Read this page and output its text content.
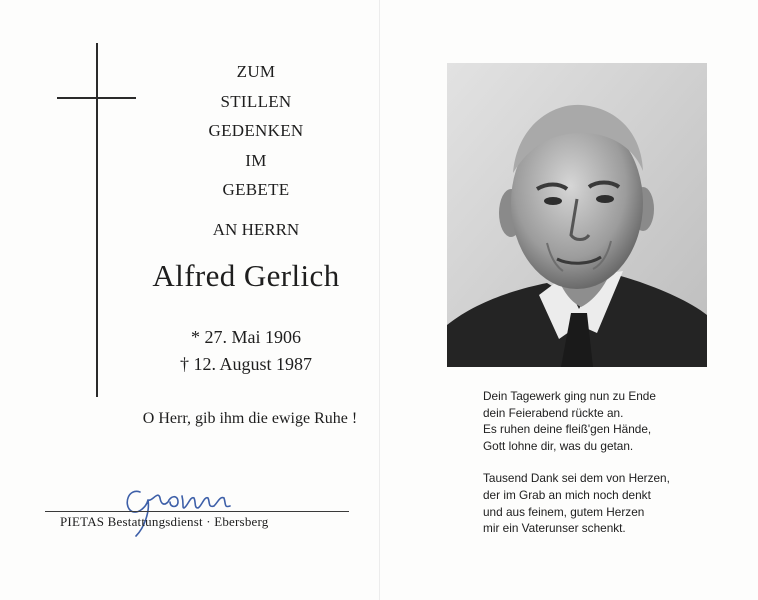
ZUM
STILLEN
GEDENKEN
IM
GEBETE
AN HERRN
Alfred Gerlich
* 27. Mai 1906
† 12. August 1987
O Herr, gib ihm die ewige Ruhe !
PIETAS Bestattungsdienst · Ebersberg
Dein Tagewerk ging nun zu Ende
dein Feierabend rückte an.
Es ruhen deine fleiß'gen Hände,
Gott lohne dir, was du getan.
Tausend Dank sei dem von Herzen,
der im Grab an mich noch denkt
und aus feinem, gutem Herzen
mir ein Vaterunser schenkt.
